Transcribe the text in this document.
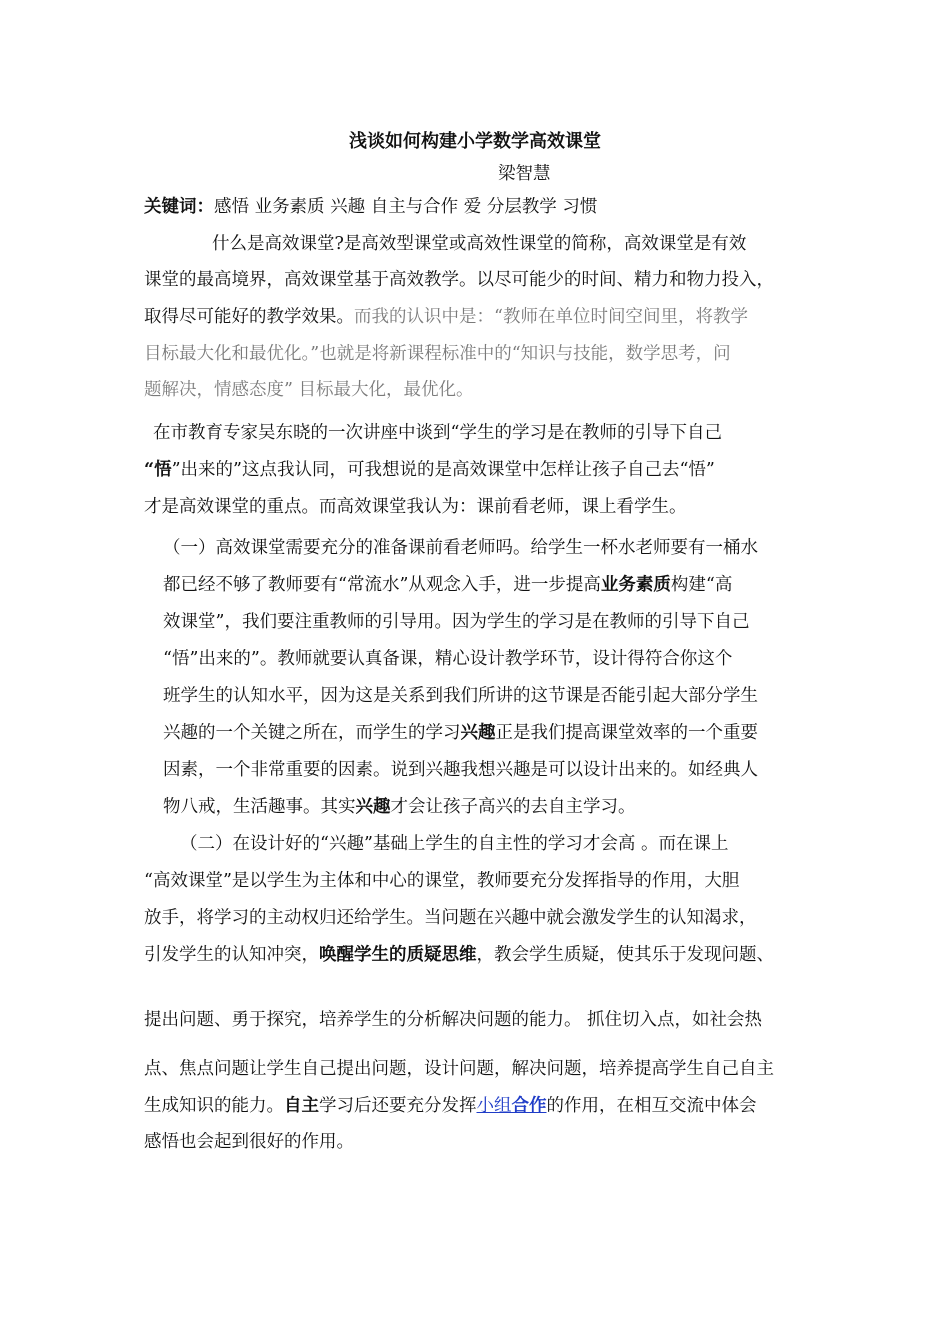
浅谈如何构建小学数学高效课堂
梁智慧
关键词：感悟 业务素质 兴趣 自主与合作 爱 分层教学 习惯
什么是高效课堂?是高效型课堂或高效性课堂的简称，高效课堂是有效
课堂的最高境界，高效课堂基于高效教学。以尽可能少的时间、精力和物力投入，
取得尽可能好的教学效果。而我的认识中是：“教师在单位时间空间里，将教学
目标最大化和最优化。”也就是将新课程标准中的“知识与技能，数学思考，问
题解决，情感态度” 目标最大化，最优化。
在市教育专家吴东晓的一次讲座中谈到“学生的学习是在教师的引导下自己
“悟”出来的”这点我认同，可我想说的是高效课堂中怎样让孩子自己去“悟”
才是高效课堂的重点。而高效课堂我认为：课前看老师，课上看学生。
（一）高效课堂需要充分的准备课前看老师吗。给学生一杯水老师要有一桶水
都已经不够了教师要有“常流水”从观念入手，进一步提高业务素质构建“高
效课堂”，我们要注重教师的引导用。因为学生的学习是在教师的引导下自己
“悟”出来的”。教师就要认真备课，精心设计教学环节，设计得符合你这个
班学生的认知水平，因为这是关系到我们所讲的这节课是否能引起大部分学生
兴趣的一个关键之所在，而学生的学习兴趣正是我们提高课堂效率的一个重要
因素，一个非常重要的因素。说到兴趣我想兴趣是可以设计出来的。如经典人
物八戒，生活趣事。其实兴趣才会让孩子高兴的去自主学习。
（二）在设计好的“兴趣”基础上学生的自主性的学习才会高 。而在课上
“高效课堂”是以学生为主体和中心的课堂，教师要充分发挥指导的作用，大胆
放手，将学习的主动权归还给学生。当问题在兴趣中就会激发学生的认知渴求，
引发学生的认知冲突，唤醒学生的质疑思维，教会学生质疑，使其乐于发现问题、
提出问题、勇于探究，培养学生的分析解决问题的能力。 抓住切入点，如社会热
点、焦点问题让学生自己提出问题，设计问题，解决问题，培养提高学生自己自主
生成知识的能力。自主学习后还要充分发挥小组合作的作用，在相互交流中体会
感悟也会起到很好的作用。
